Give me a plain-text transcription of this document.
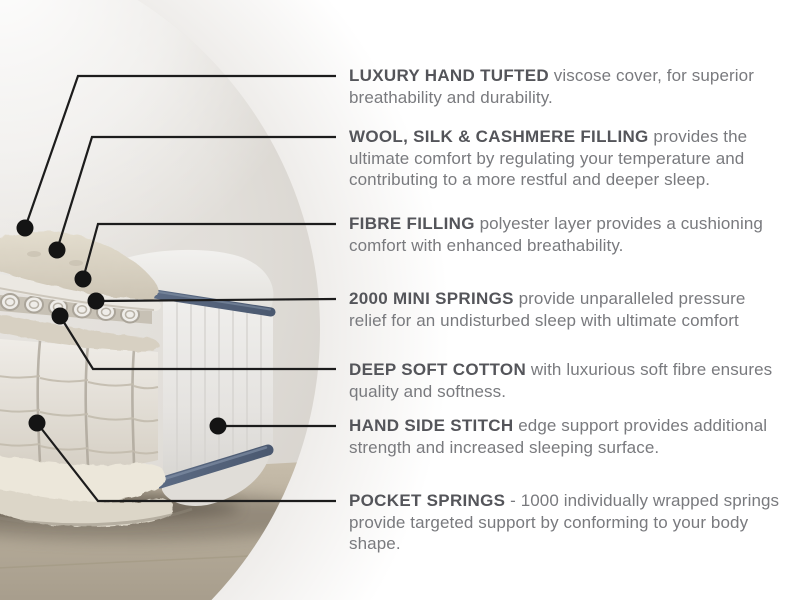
LUXURY HAND TUFTED viscose cover, for superior breathability and durability.
WOOL, SILK & CASHMERE FILLING provides the ultimate comfort by regulating your temperature and contributing to a more restful and deeper sleep.
FIBRE FILLING polyester layer provides a cushioning comfort with enhanced breathability.
2000 MINI SPRINGS provide unparalleled pressure relief for an undisturbed sleep with ultimate comfort
DEEP SOFT COTTON with luxurious soft fibre ensures quality and softness.
HAND SIDE STITCH edge support provides additional strength and increased sleeping surface.
POCKET SPRINGS - 1000 individually wrapped springs provide targeted support by conforming to your body shape.
